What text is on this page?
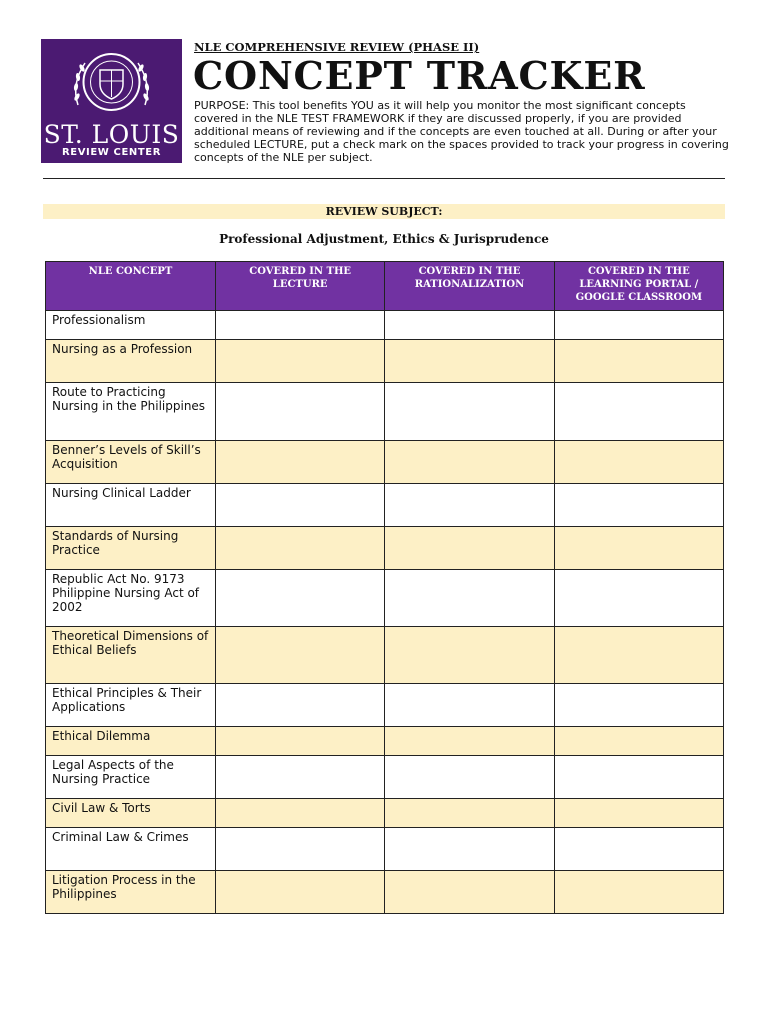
ST. LOUIS
REVIEW CENTER
NLE COMPREHENSIVE REVIEW (PHASE II)
CONCEPT TRACKER
PURPOSE: This tool benefits YOU as it will help you monitor the most significant concepts covered in the NLE TEST FRAMEWORK if they are discussed properly, if you are provided additional means of reviewing and if the concepts are even touched at all. During or after your scheduled LECTURE, put a check mark on the spaces provided to track your progress in covering concepts of the NLE per subject.
REVIEW SUBJECT:
Professional Adjustment, Ethics & Jurisprudence
NLE CONCEPT	COVERED IN THE LECTURE	COVERED IN THE RATIONALIZATION	COVERED IN THE LEARNING PORTAL / GOOGLE CLASSROOM
Professionalism			
Nursing as a Profession			
Route to Practicing Nursing in the Philippines			
Benner’s Levels of Skill’s Acquisition			
Nursing Clinical Ladder			
Standards of Nursing Practice			
Republic Act No. 9173 Philippine Nursing Act of 2002			
Theoretical Dimensions of Ethical Beliefs			
Ethical Principles & Their Applications			
Ethical Dilemma			
Legal Aspects of the Nursing Practice			
Civil Law & Torts			
Criminal Law & Crimes			
Litigation Process in the Philippines			
